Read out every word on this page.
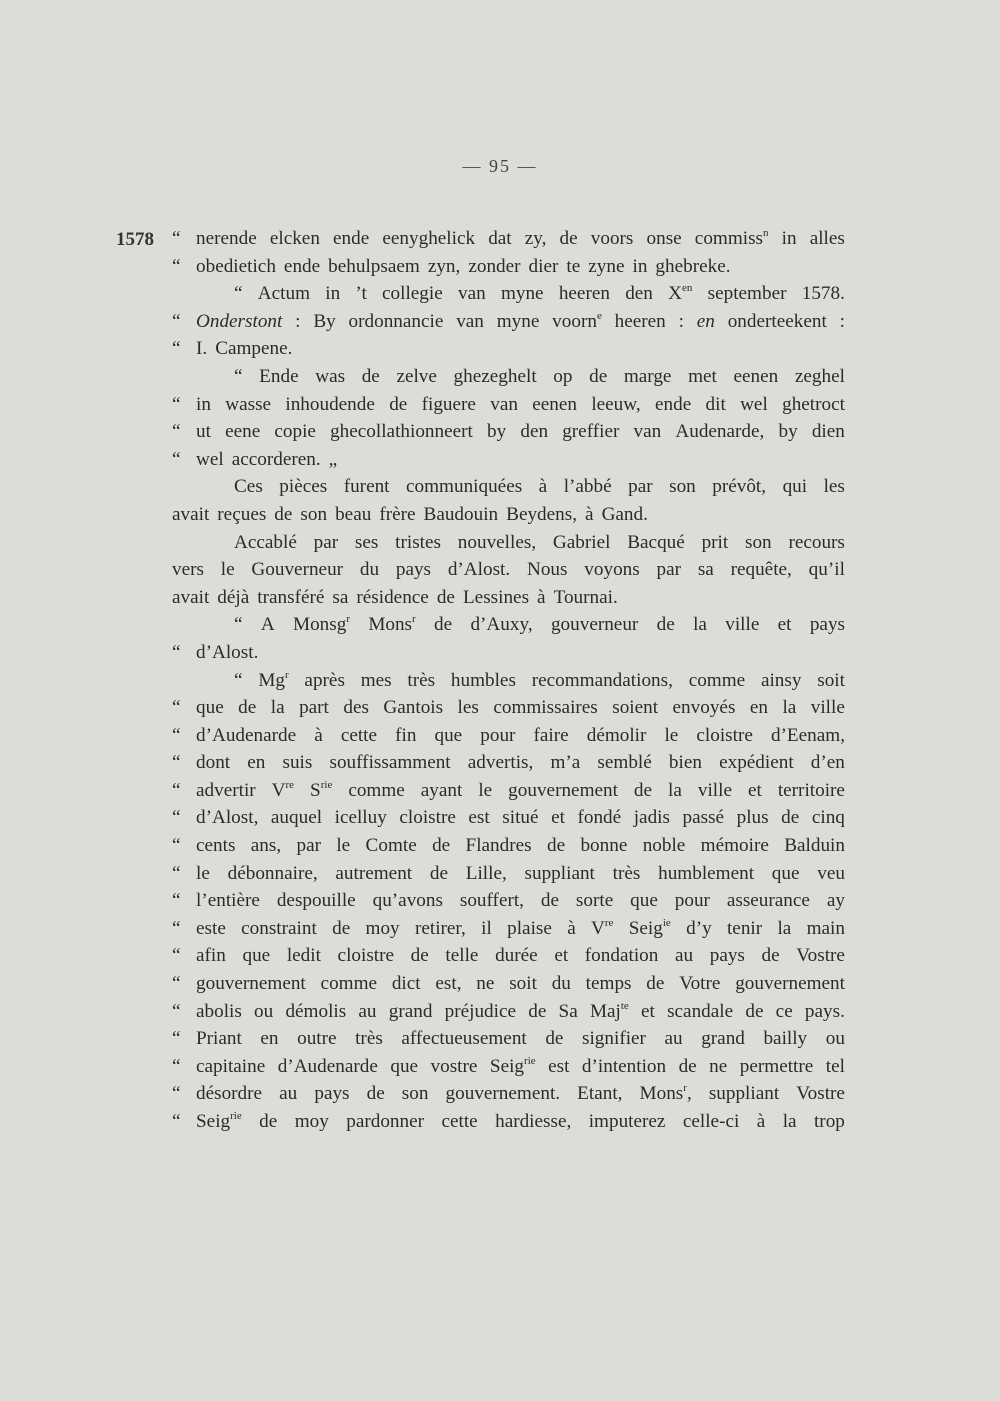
— 95 —
1578 “ nerende elcken ende eenyghelick dat zy, de voors onse commiss$^n$ in alles
“ obedietich ende behulpsaem zyn, zonder dier te zyne in ghebreke.
“ Actum in ’t collegie van myne heeren den $X^{en}$ september 1578.
“ Onderstont : By ordonnancie van myne voorn$^e$ heeren : en onderteekent :
“ I. Campene.
“ Ende was de zelve ghezeghelt op de marge met eenen zeghel
“ in wasse inhoudende de figuere van eenen leeuw, ende dit wel ghetroct
“ ut eene copie ghecollathionneert by den greffier van Audenarde, by dien
“ wel accorderen. „
Ces pièces furent communiquées à l’abbé par son prévôt, qui les
avait reçues de son beau frère Baudouin Beydens, à Gand.
Accablé par ses tristes nouvelles, Gabriel Bacqué prit son recours
vers le Gouverneur du pays d’Alost. Nous voyons par sa requête, qu’il
avait déjà transféré sa résidence de Lessines à Tournai.
“ A Monsg$^r$ Mons$^r$ de d’Auxy, gouverneur de la ville et pays
“ d’Alost.
“ Mg$^r$ après mes très humbles recommandations, comme ainsy soit
“ que de la part des Gantois les commissaires soient envoyés en la ville
“ d’Audenarde à cette fin que pour faire démolir le cloistre d’Eenam,
“ dont en suis souffissamment advertis, m’a semblé bien expédient d’en
“ advertir Vre $S^{rie}$ comme ayant le gouvernement de la ville et territoire
“ d’Alost, auquel icelluy cloistre est situé et fondé jadis passé plus de cinq
“ cents ans, par le Comte de Flandres de bonne noble mémoire Balduin
“ le débonnaire, autrement de Lille, suppliant très humblement que veu
“ l’entière despouille qu’avons souffert, de sorte que pour asseurance ay
“ este constraint de moy retirer, il plaise à Vre Seig$^{ie}$ d’y tenir la main
“ afin que ledit cloistre de telle durée et fondation au pays de Vostre
“ gouvernement comme dict est, ne soit du temps de Votre gouvernement
“ abolis ou démolis au grand préjudice de Sa Maj$^{te}$ et scandale de ce pays.
“ Priant en outre très affectueusement de signifier au grand bailly ou
“ capitaine d’Audenarde que vostre Seig$^{rie}$ est d’intention de ne permettre tel
“ désordre au pays de son gouvernement. Etant, Mons$^r$, suppliant Vostre
“ Seig$^{rie}$ de moy pardonner cette hardiesse, imputerez celle-ci à la trop
